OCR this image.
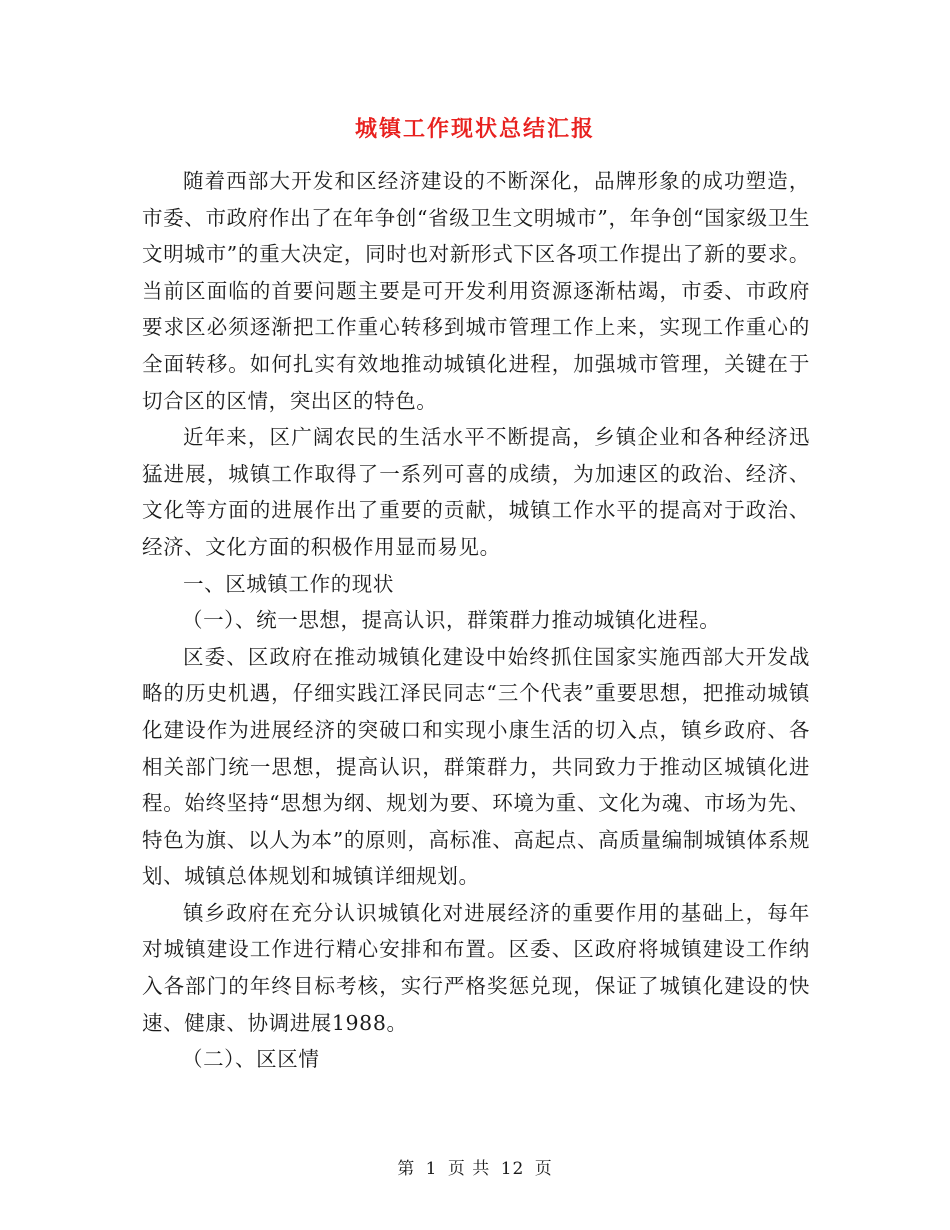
城镇工作现状总结汇报

随着西部大开发和区经济建设的不断深化，品牌形象的成功塑造，市委、市政府作出了在年争创“省级卫生文明城市”，年争创“国家级卫生文明城市”的重大决定，同时也对新形式下区各项工作提出了新的要求。当前区面临的首要问题主要是可开发利用资源逐渐枯竭，市委、市政府要求区必须逐渐把工作重心转移到城市管理工作上来，实现工作重心的全面转移。如何扎实有效地推动城镇化进程，加强城市管理，关键在于切合区的区情，突出区的特色。

近年来，区广阔农民的生活水平不断提高，乡镇企业和各种经济迅猛进展，城镇工作取得了一系列可喜的成绩，为加速区的政治、经济、文化等方面的进展作出了重要的贡献，城镇工作水平的提高对于政治、经济、文化方面的积极作用显而易见。

一、区城镇工作的现状

（一）、统一思想，提高认识，群策群力推动城镇化进程。

区委、区政府在推动城镇化建设中始终抓住国家实施西部大开发战略的历史机遇，仔细实践江泽民同志“三个代表”重要思想，把推动城镇化建设作为进展经济的突破口和实现小康生活的切入点，镇乡政府、各相关部门统一思想，提高认识，群策群力，共同致力于推动区城镇化进程。始终坚持“思想为纲、规划为要、环境为重、文化为魂、市场为先、特色为旗、以人为本”的原则，高标准、高起点、高质量编制城镇体系规划、城镇总体规划和城镇详细规划。

镇乡政府在充分认识城镇化对进展经济的重要作用的基础上，每年对城镇建设工作进行精心安排和布置。区委、区政府将城镇建设工作纳入各部门的年终目标考核，实行严格奖惩兑现，保证了城镇化建设的快速、健康、协调进展1988。

（二）、区区情

第 1 页 共 12 页
